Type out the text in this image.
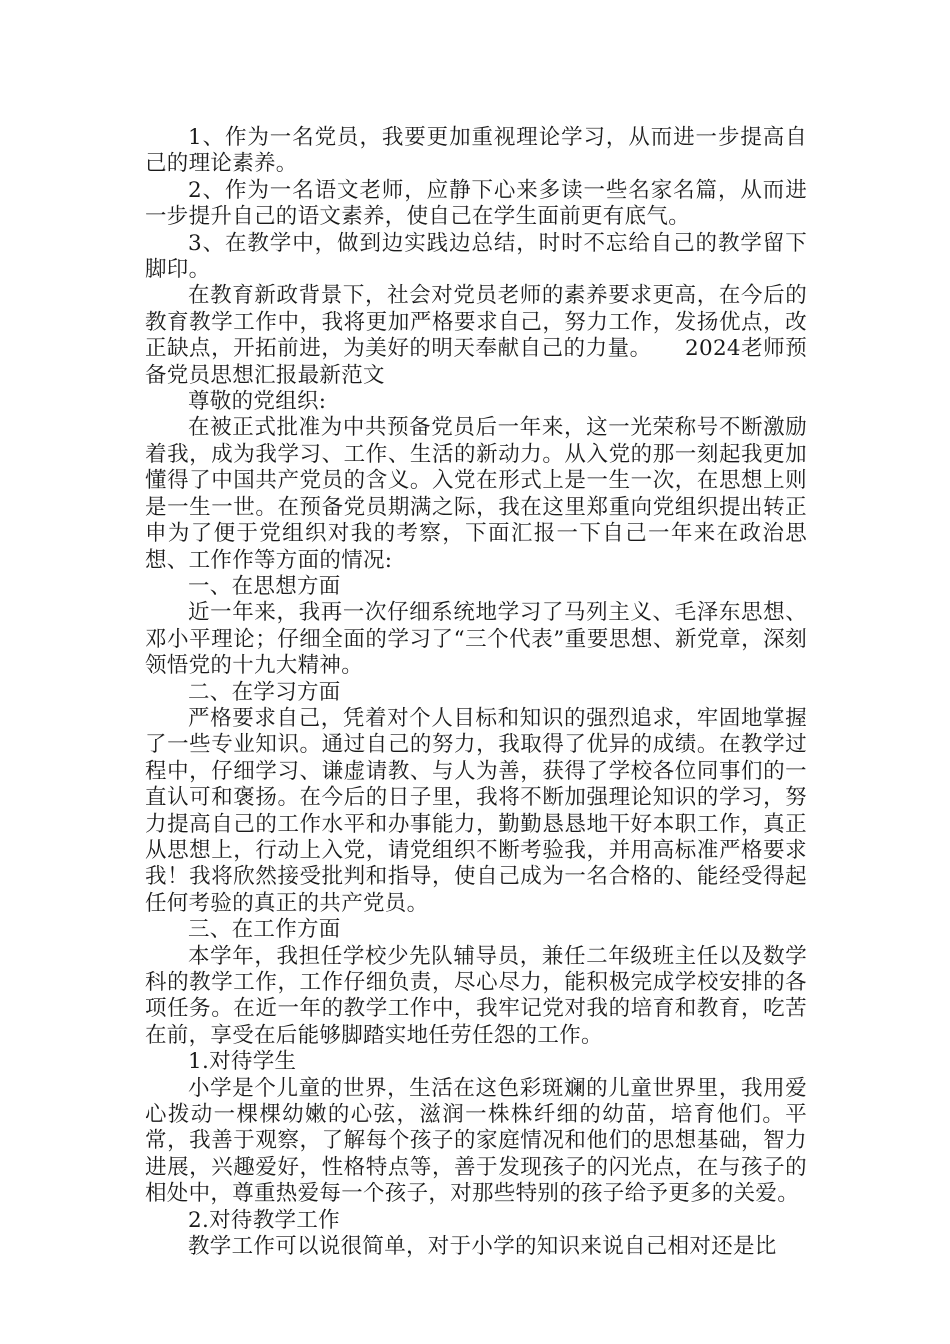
1、作为一名党员，我要更加重视理论学习，从而进一步提高自己的理论素养。

2、作为一名语文老师，应静下心来多读一些名家名篇，从而进一步提升自己的语文素养，使自己在学生面前更有底气。

3、在教学中，做到边实践边总结，时时不忘给自己的教学留下脚印。

在教育新政背景下，社会对党员老师的素养要求更高，在今后的教育教学工作中，我将更加严格要求自己，努力工作，发扬优点，改正缺点，开拓前进，为美好的明天奉献自己的力量。　　2024老师预备党员思想汇报最新范文

尊敬的党组织:

在被正式批准为中共预备党员后一年来，这一光荣称号不断激励着我，成为我学习、工作、生活的新动力。从入党的那一刻起我更加懂得了中国共产党员的含义。入党在形式上是一生一次，在思想上则是一生一世。在预备党员期满之际，我在这里郑重向党组织提出转正申为了便于党组织对我的考察，下面汇报一下自己一年来在政治思想、工作作等方面的情况:

一、在思想方面

近一年来，我再一次仔细系统地学习了马列主义、毛泽东思想、邓小平理论；仔细全面的学习了“三个代表”重要思想、新党章，深刻领悟党的十九大精神。

二、在学习方面

严格要求自己，凭着对个人目标和知识的强烈追求，牢固地掌握了一些专业知识。通过自己的努力，我取得了优异的成绩。在教学过程中，仔细学习、谦虚请教、与人为善，获得了学校各位同事们的一直认可和褒扬。在今后的日子里，我将不断加强理论知识的学习，努力提高自己的工作水平和办事能力，勤勤恳恳地干好本职工作，真正从思想上，行动上入党，请党组织不断考验我，并用高标准严格要求我！我将欣然接受批判和指导，使自己成为一名合格的、能经受得起任何考验的真正的共产党员。

三、在工作方面

本学年，我担任学校少先队辅导员，兼任二年级班主任以及数学科的教学工作，工作仔细负责，尽心尽力，能积极完成学校安排的各项任务。在近一年的教学工作中，我牢记党对我的培育和教育，吃苦在前，享受在后能够脚踏实地任劳任怨的工作。

1.对待学生

小学是个儿童的世界，生活在这色彩斑斓的儿童世界里，我用爱心拨动一棵棵幼嫩的心弦，滋润一株株纤细的幼苗，培育他们。平常，我善于观察，了解每个孩子的家庭情况和他们的思想基础，智力进展，兴趣爱好，性格特点等，善于发现孩子的闪光点，在与孩子的相处中，尊重热爱每一个孩子，对那些特别的孩子给予更多的关爱。

2.对待教学工作

教学工作可以说很简单，对于小学的知识来说自己相对还是比
